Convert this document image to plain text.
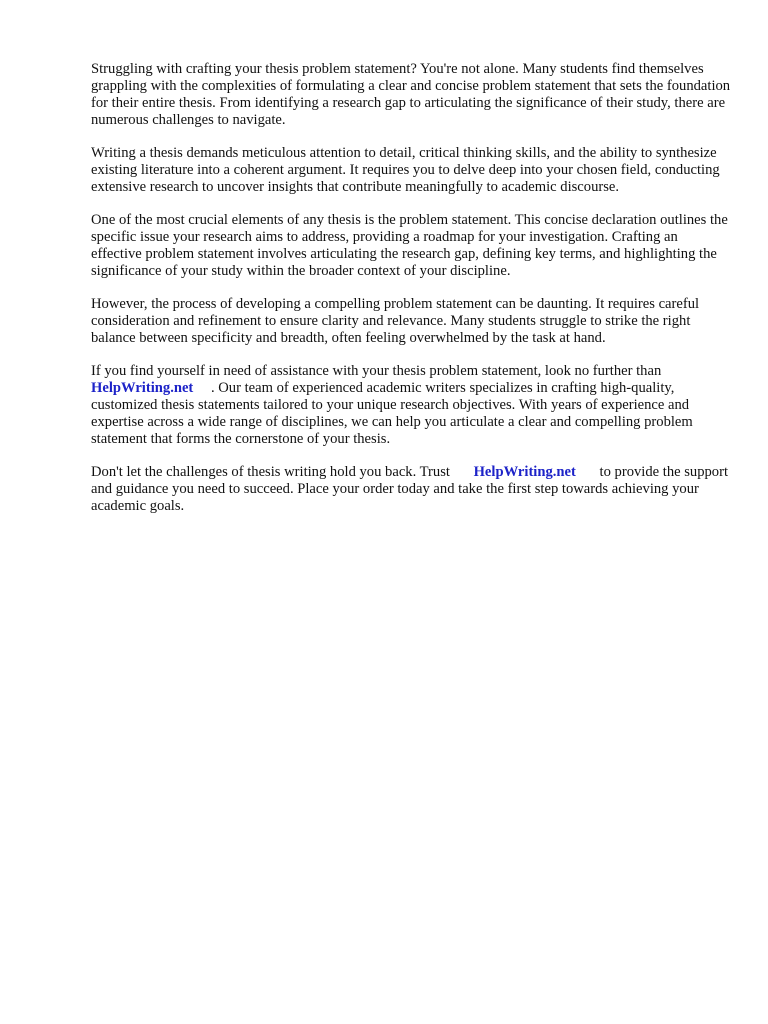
Struggling with crafting your thesis problem statement? You're not alone. Many students find themselves grappling with the complexities of formulating a clear and concise problem statement that sets the foundation for their entire thesis. From identifying a research gap to articulating the significance of their study, there are numerous challenges to navigate.

Writing a thesis demands meticulous attention to detail, critical thinking skills, and the ability to synthesize existing literature into a coherent argument. It requires you to delve deep into your chosen field, conducting extensive research to uncover insights that contribute meaningfully to academic discourse.

One of the most crucial elements of any thesis is the problem statement. This concise declaration outlines the specific issue your research aims to address, providing a roadmap for your investigation. Crafting an effective problem statement involves articulating the research gap, defining key terms, and highlighting the significance of your study within the broader context of your discipline.

However, the process of developing a compelling problem statement can be daunting. It requires careful consideration and refinement to ensure clarity and relevance. Many students struggle to strike the right balance between specificity and breadth, often feeling overwhelmed by the task at hand.

If you find yourself in need of assistance with your thesis problem statement, look no further than
HelpWriting.net . Our team of experienced academic writers specializes in crafting high-quality, customized thesis statements tailored to your unique research objectives. With years of experience and expertise across a wide range of disciplines, we can help you articulate a clear and compelling problem statement that forms the cornerstone of your thesis.

Don't let the challenges of thesis writing hold you back. Trust HelpWriting.net to provide the support and guidance you need to succeed. Place your order today and take the first step towards achieving your academic goals.
